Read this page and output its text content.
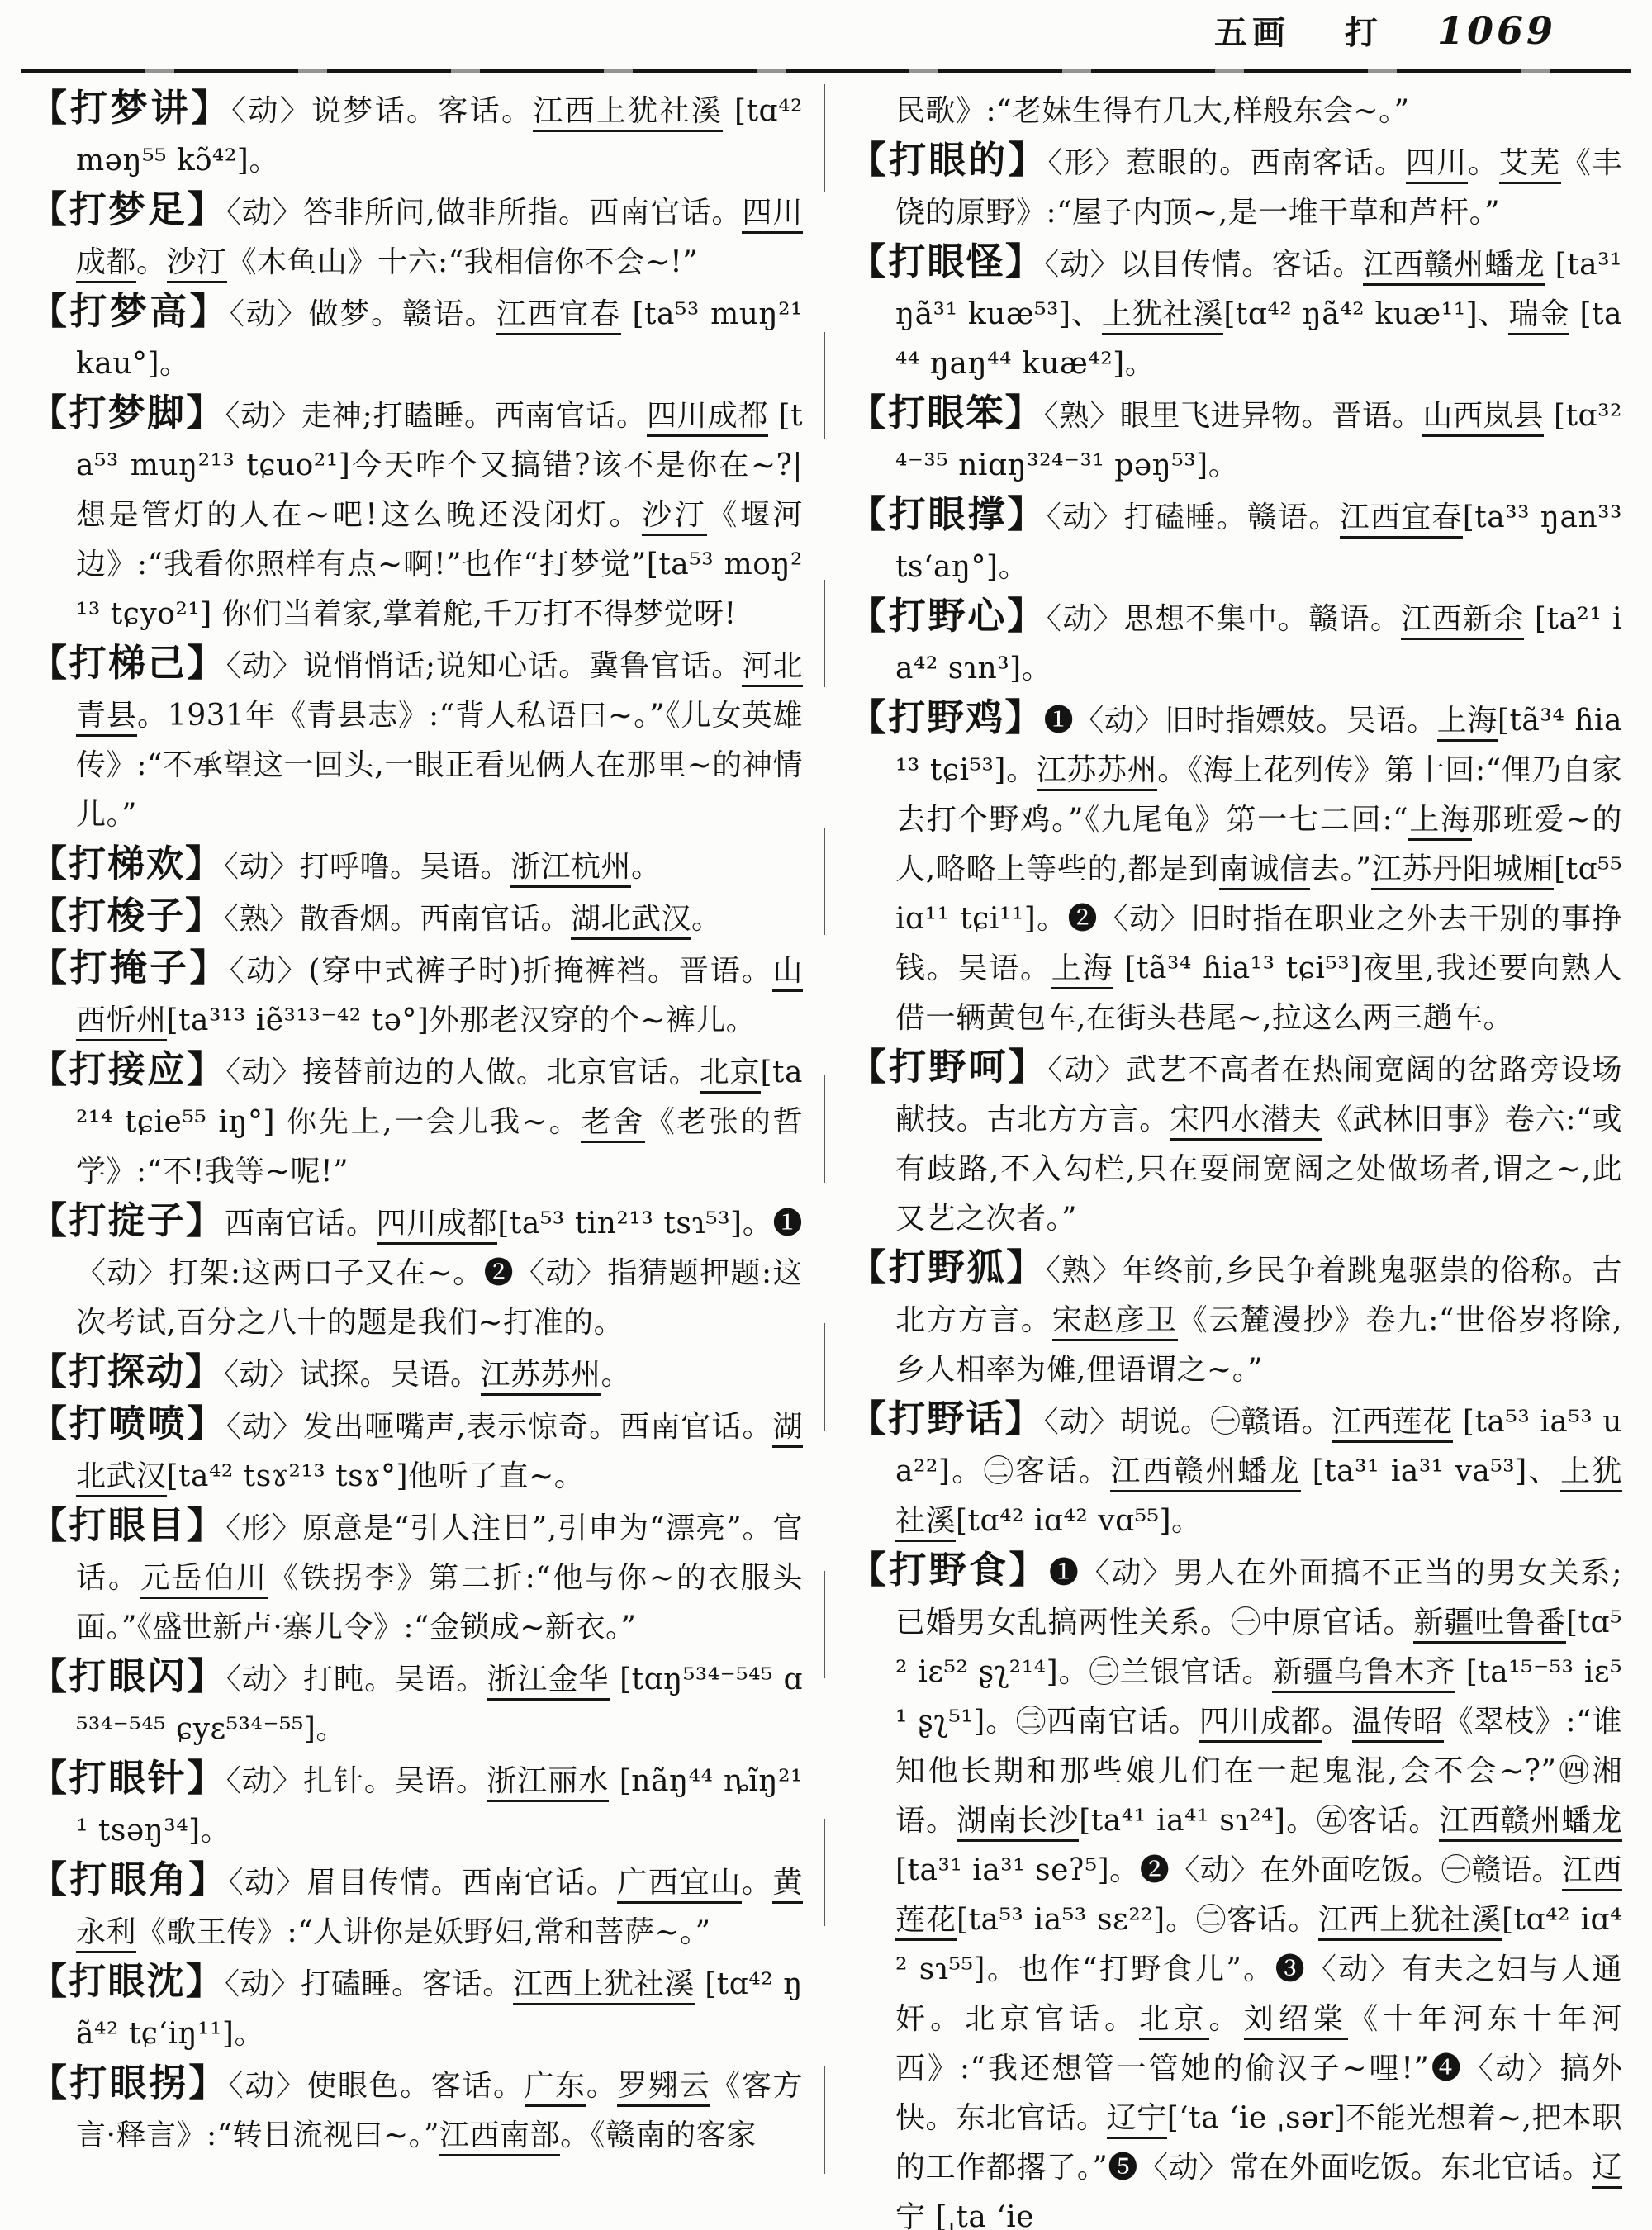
五画 打 1069

【打梦讲】〈动〉说梦话。客话。江西上犹社溪 [tɑ⁴² məŋ⁵⁵ kɔ̃⁴²]。

【打梦足】〈动〉答非所问,做非所指。西南官话。四川成都。沙汀《木鱼山》十六:“我相信你不会~!”

【打梦高】〈动〉做梦。赣语。江西宜春 [ta⁵³ muŋ²¹ kau°]。

【打梦脚】〈动〉走神;打瞌睡。西南官话。四川成都 [ta⁵³ muŋ²¹³ tɕuo²¹]今天咋个又搞错?该不是你在~?|想是管灯的人在~吧!这么晚还没闭灯。沙汀《堰河边》:“我看你照样有点~啊!”也作“打梦觉”[ta⁵³ moŋ²¹³ tɕyo²¹] 你们当着家,掌着舵,千万打不得梦觉呀!

【打梯己】〈动〉说悄悄话;说知心话。冀鲁官话。河北青县。1931年《青县志》:“背人私语曰~。”《儿女英雄传》:“不承望这一回头,一眼正看见俩人在那里~的神情儿。”

【打梯欢】〈动〉打呼噜。吴语。浙江杭州。

【打梭子】〈熟〉散香烟。西南官话。湖北武汉。

【打掩子】〈动〉(穿中式裤子时)折掩裤裆。晋语。山西忻州[ta³¹³ iẽ³¹³⁻⁴² tə°]外那老汉穿的个~裤儿。

【打接应】〈动〉接替前边的人做。北京官话。北京[ta²¹⁴ tɕie⁵⁵ iŋ°] 你先上,一会儿我~。老舍《老张的哲学》:“不!我等~呢!”

【打掟子】西南官话。四川成都[ta⁵³ tin²¹³ tsɿ⁵³]。❶〈动〉打架:这两口子又在~。❷〈动〉指猜题押题:这次考试,百分之八十的题是我们~打准的。

【打探动】〈动〉试探。吴语。江苏苏州。

【打喷喷】〈动〉发出咂嘴声,表示惊奇。西南官话。湖北武汉[ta⁴² tsɤ²¹³ tsɤ°]他听了直~。

【打眼目】〈形〉原意是“引人注目”,引申为“漂亮”。官话。元岳伯川《铁拐李》第二折:“他与你~的衣服头面。”《盛世新声·寨儿令》:“金锁成~新衣。”

【打眼闪】〈动〉打盹。吴语。浙江金华 [tɑŋ⁵³⁴⁻⁵⁴⁵ ɑ⁵³⁴⁻⁵⁴⁵ ɕyɛ⁵³⁴⁻⁵⁵]。

【打眼针】〈动〉扎针。吴语。浙江丽水 [nãŋ⁴⁴ ȵĩŋ²¹¹ tsəŋ³⁴]。

【打眼角】〈动〉眉目传情。西南官话。广西宜山。黄永利《歌王传》:“人讲你是妖野妇,常和菩萨~。”

【打眼沈】〈动〉打磕睡。客话。江西上犹社溪 [tɑ⁴² ŋã⁴² tɕʻiŋ¹¹]。

【打眼拐】〈动〉使眼色。客话。广东。罗翙云《客方言·释言》:“转目流视曰~。”江西南部。《赣南的客家

民歌》:“老妹生得冇几大,样般东会~。”

【打眼的】〈形〉惹眼的。西南客话。四川。艾芜《丰饶的原野》:“屋子内顶~,是一堆干草和芦杆。”

【打眼怪】〈动〉以目传情。客话。江西赣州蟠龙 [ta³¹ ŋã³¹ kuæ⁵³]、上犹社溪[tɑ⁴² ŋã⁴² kuæ¹¹]、瑞金 [ta⁴⁴ ŋaŋ⁴⁴ kuæ⁴²]。

【打眼笨】〈熟〉眼里飞进异物。晋语。山西岚县 [tɑ³²⁴⁻³⁵ niɑŋ³²⁴⁻³¹ pəŋ⁵³]。

【打眼撑】〈动〉打磕睡。赣语。江西宜春[ta³³ ŋan³³ tsʻaŋ°]。

【打野心】〈动〉思想不集中。赣语。江西新余 [ta²¹ ia⁴² sɿn³]。

【打野鸡】❶〈动〉旧时指嫖妓。吴语。上海[tã³⁴ ɦia¹³ tɕi⁵³]。江苏苏州。《海上花列传》第十回:“俚乃自家去打个野鸡。”《九尾龟》第一七二回:“上海那班爱~的人,略略上等些的,都是到南诚信去。”江苏丹阳城厢[tɑ⁵⁵ iɑ¹¹ tɕi¹¹]。❷〈动〉旧时指在职业之外去干别的事挣钱。吴语。上海 [tã³⁴ ɦia¹³ tɕi⁵³]夜里,我还要向熟人借一辆黄包车,在街头巷尾~,拉这么两三趟车。

【打野呵】〈动〉武艺不高者在热闹宽阔的岔路旁设场献技。古北方方言。宋四水潜夫《武林旧事》卷六:“或有歧路,不入勾栏,只在耍闹宽阔之处做场者,谓之~,此又艺之次者。”

【打野狐】〈熟〉年终前,乡民争着跳鬼驱祟的俗称。古北方方言。宋赵彦卫《云麓漫抄》卷九:“世俗岁将除,乡人相率为傩,俚语谓之~。”

【打野话】〈动〉胡说。㊀赣语。江西莲花 [ta⁵³ ia⁵³ ua²²]。㊁客话。江西赣州蟠龙 [ta³¹ ia³¹ va⁵³]、上犹社溪[tɑ⁴² iɑ⁴² vɑ⁵⁵]。

【打野食】❶〈动〉男人在外面搞不正当的男女关系;已婚男女乱搞两性关系。㊀中原官话。新疆吐鲁番[tɑ⁵² iɛ⁵² ʂʅ²¹⁴]。㊁兰银官话。新疆乌鲁木齐 [ta¹⁵⁻⁵³ iɛ⁵¹ ʂʅ⁵¹]。㊂西南官话。四川成都。温传昭《翠枝》:“谁知他长期和那些娘儿们在一起鬼混,会不会~?”㊃湘语。湖南长沙[ta⁴¹ ia⁴¹ sɿ²⁴]。㊄客话。江西赣州蟠龙[ta³¹ ia³¹ seʔ⁵]。❷〈动〉在外面吃饭。㊀赣语。江西莲花[ta⁵³ ia⁵³ sɛ²²]。㊁客话。江西上犹社溪[tɑ⁴² iɑ⁴² sɿ⁵⁵]。也作“打野食儿”。❸〈动〉有夫之妇与人通奸。北京官话。北京。刘绍棠《十年河东十年河西》:“我还想管一管她的偷汉子~哩!”❹〈动〉搞外快。东北官话。辽宁[ʻta ʻie ˌsər]不能光想着~,把本职的工作都撂了。”❺〈动〉常在外面吃饭。东北官话。辽宁 [ˌta ʻie
